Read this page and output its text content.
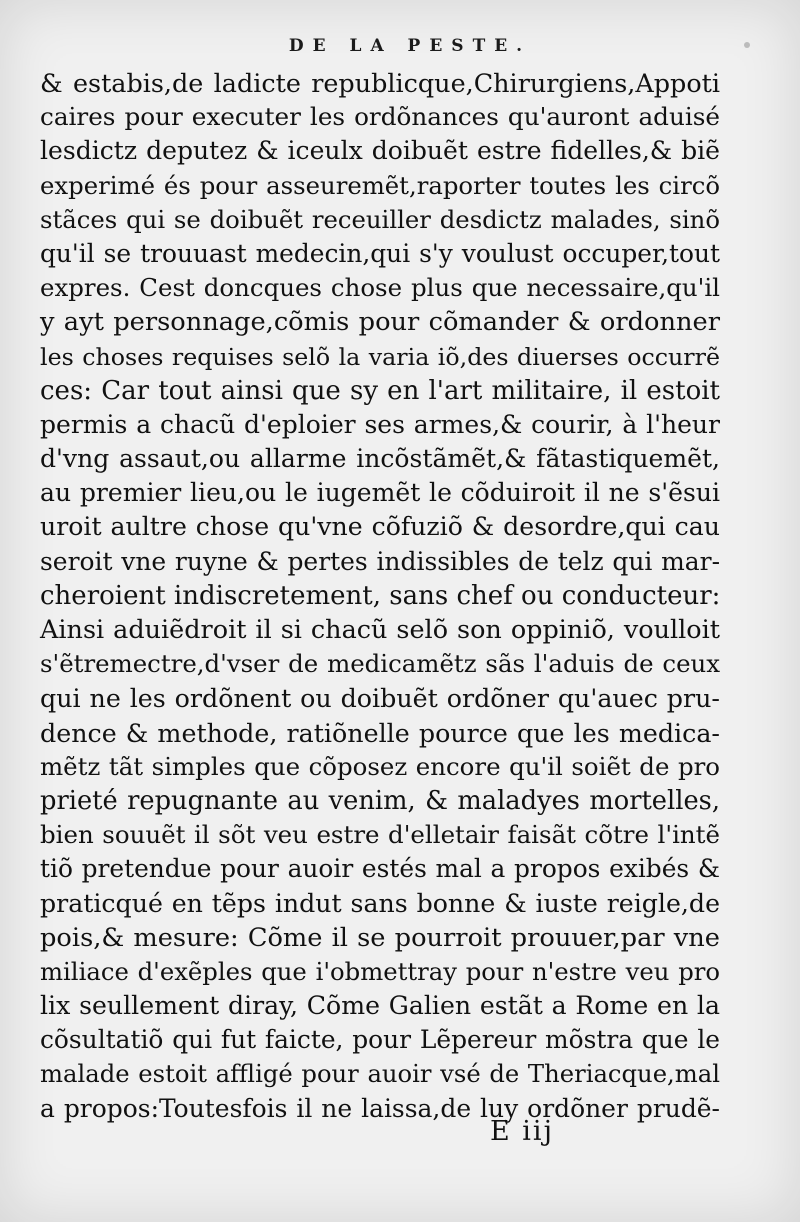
DE LA PESTE.
& estabis,de ladicte republicque,Chirurgiens,Appoti
caires pour executer les ordõnances qu'auront aduisé
lesdictz deputez & iceulx doibuẽt estre fidelles,& biẽ
experimé és pour asseuremẽt,raporter toutes les circõ
stãces qui se doibuẽt receuiller desdictz malades, sinõ
qu'il se trouuast medecin,qui s'y voulust occuper,tout
expres. Cest doncques chose plus que necessaire,qu'il
y ayt personnage,cõmis pour cõmander & ordonner
les choses requises selõ la varia iõ,des diuerses occurrẽ
ces: Car tout ainsi que sy en l'art militaire, il estoit
permis a chacũ d'eploier ses armes,& courir, à l'heur
d'vng assaut,ou allarme incõstãmẽt,& fãtastiquemẽt,
au premier lieu,ou le iugemẽt le cõduiroit il ne s'ẽsui
uroit aultre chose qu'vne cõfuziõ & desordre,qui cau
seroit vne ruyne & pertes indissibles de telz qui mar-
cheroient indiscretement, sans chef ou conducteur:
Ainsi aduiẽdroit il si chacũ selõ son oppiniõ, voulloit
s'ẽtremectre,d'vser de medicamẽtz sãs l'aduis de ceux
qui ne les ordõnent ou doibuẽt ordõner qu'auec pru-
dence & methode, ratiõnelle pource que les medica-
mẽtz tãt simples que cõposez encore qu'il soiẽt de pro
prieté repugnante au venim, & maladyes mortelles,
bien souuẽt il sõt veu estre d'elletair faisãt cõtre l'intẽ
tiõ pretendue pour auoir estés mal a propos exibés &
praticqué en tẽps indut sans bonne & iuste reigle,de
pois,& mesure: Cõme il se pourroit prouuer,par vne
miliace d'exẽples que i'obmettray pour n'estre veu pro
lix seullement diray, Cõme Galien estãt a Rome en la
cõsultatiõ qui fut faicte, pour Lẽpereur mõstra que le
malade estoit affligé pour auoir vsé de Theriacque,mal
a propos:Toutesfois il ne laissa,de luy ordõner prudẽ-
E iij
